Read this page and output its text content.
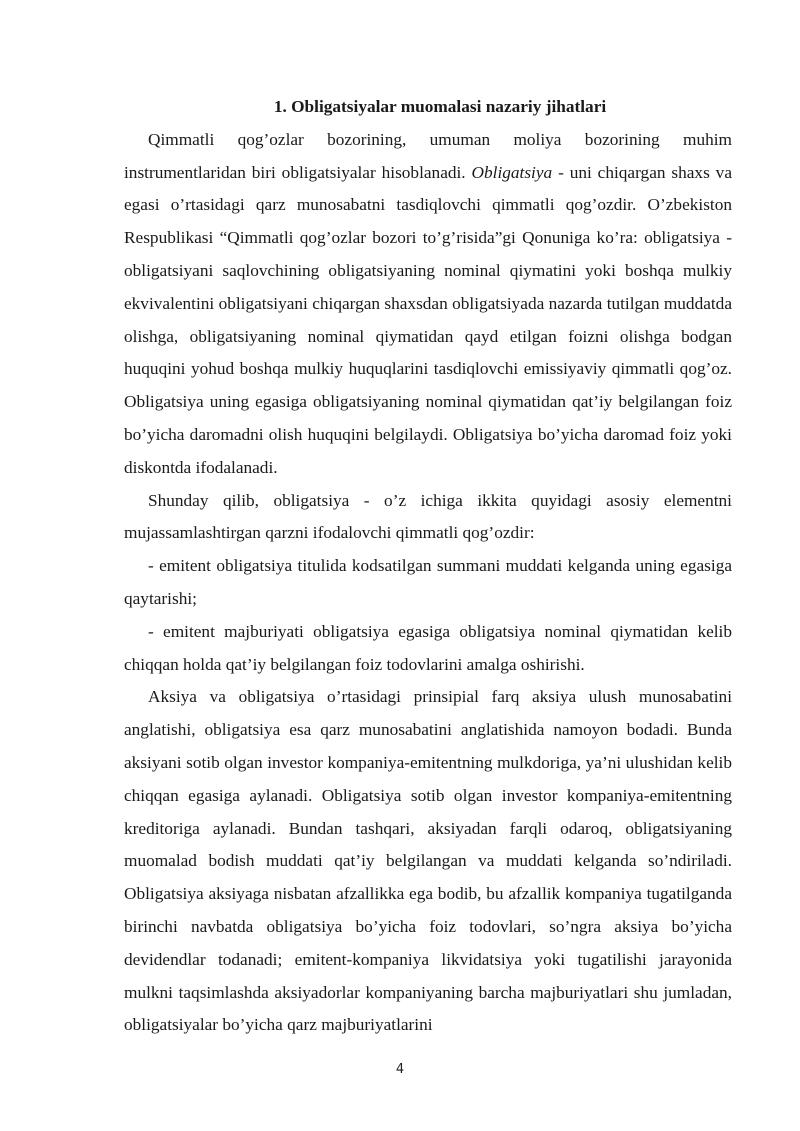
1. Obligatsiyalar muomalasi nazariy jihatlari

Qimmatli qog’ozlar bozorining, umuman moliya bozorining muhim instrumentlaridan biri obligatsiyalar hisoblanadi. Obligatsiya - uni chiqargan shaxs va egasi o’rtasidagi qarz munosabatni tasdiqlovchi qimmatli qog’ozdir. O’zbekiston Respublikasi “Qimmatli qog’ozlar bozori to’g’risida”gi Qonuniga ko’ra: obligatsiya - obligatsiyani saqlovchining obligatsiyaning nominal qiymatini yoki boshqa mulkiy ekvivalentini obligatsiyani chiqargan shaxsdan obligatsiyada nazarda tutilgan muddatda olishga, obligatsiyaning nominal qiymatidan qayd etilgan foizni olishga bodgan huquqini yohud boshqa mulkiy huquqlarini tasdiqlovchi emissiyaviy qimmatli qog’oz. Obligatsiya uning egasiga obligatsiyaning nominal qiymatidan qat’iy belgilangan foiz bo’yicha daromadni olish huquqini belgilaydi. Obligatsiya bo’yicha daromad foiz yoki diskontda ifodalanadi.

Shunday qilib, obligatsiya - o’z ichiga ikkita quyidagi asosiy elementni mujassamlashtirgan qarzni ifodalovchi qimmatli qog’ozdir:

- emitent obligatsiya titulida kodsatilgan summani muddati kelganda uning egasiga qaytarishi;

- emitent majburiyati obligatsiya egasiga obligatsiya nominal qiymatidan kelib chiqqan holda qat’iy belgilangan foiz todovlarini amalga oshirishi.

Aksiya va obligatsiya o’rtasidagi prinsipial farq aksiya ulush munosabatini anglatishi, obligatsiya esa qarz munosabatini anglatishida namoyon bodadi. Bunda aksiyani sotib olgan investor kompaniya-emitentning mulkdoriga, ya’ni ulushidan kelib chiqqan egasiga aylanadi. Obligatsiya sotib olgan investor kompaniya-emitentning kreditoriga aylanadi. Bundan tashqari, aksiyadan farqli odaroq, obligatsiyaning muomalad bodish muddati qat’iy belgilangan va muddati kelganda so’ndiriladi. Obligatsiya aksiyaga nisbatan afzallikka ega bodib, bu afzallik kompaniya tugatilganda birinchi navbatda obligatsiya bo’yicha foiz todovlari, so’ngra aksiya bo’yicha devidendlar todanadi; emitent-kompaniya likvidatsiya yoki tugatilishi jarayonida mulkni taqsimlashda aksiyadorlar kompaniyaning barcha majburiyatlari shu jumladan, obligatsiyalar bo’yicha qarz majburiyatlarini

4
